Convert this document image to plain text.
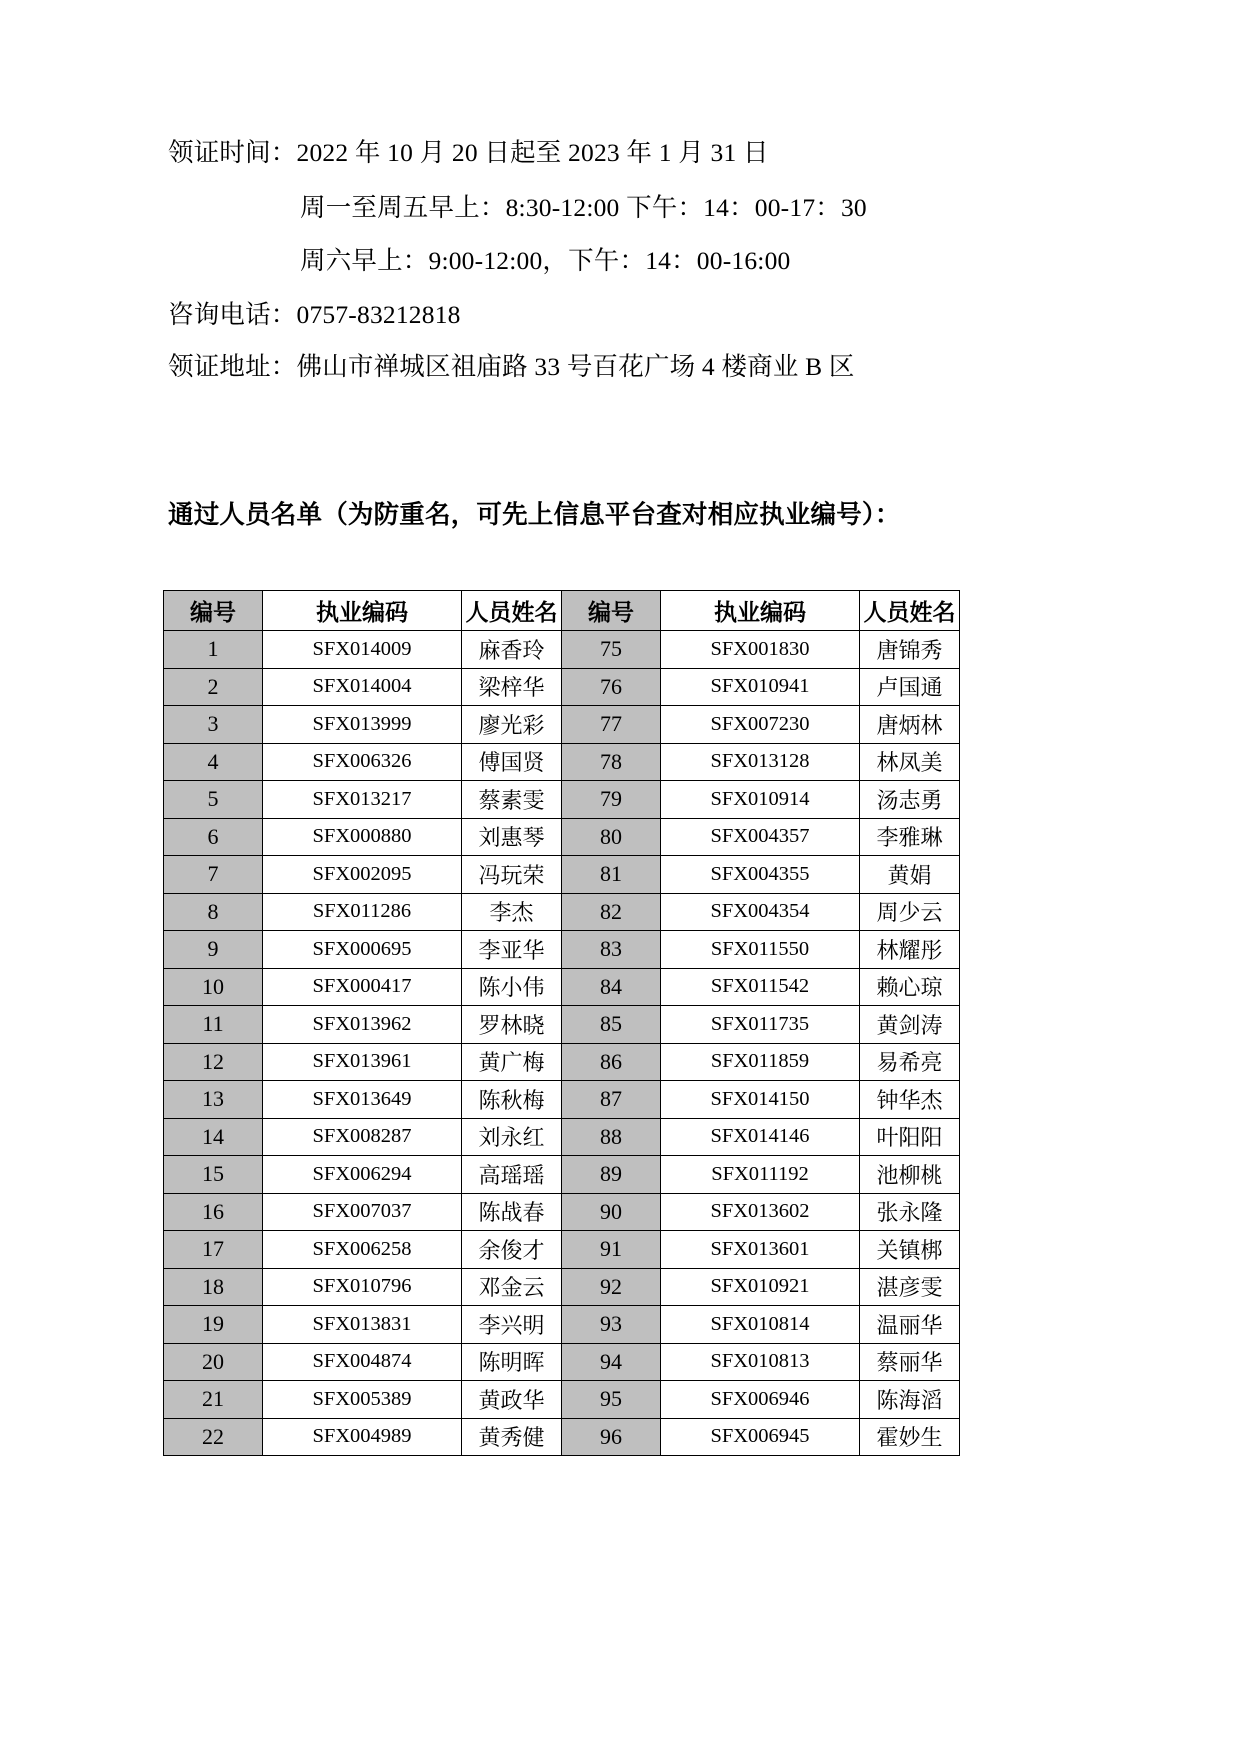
领证时间：2022 年 10 月 20 日起至 2023 年 1 月 31 日

周一至周五早上：8:30-12:00 下午：14：00-17：30

周六早上：9:00-12:00，下午：14：00-16:00

咨询电话：0757-83212818

领证地址：佛山市禅城区祖庙路 33 号百花广场 4 楼商业 B 区

通过人员名单（为防重名，可先上信息平台查对相应执业编号）：
编号	执业编码	人员姓名	编号	执业编码	人员姓名
1	SFX014009	麻香玲	75	SFX001830	唐锦秀
2	SFX014004	梁梓华	76	SFX010941	卢国通
3	SFX013999	廖光彩	77	SFX007230	唐炳林
4	SFX006326	傅国贤	78	SFX013128	林凤美
5	SFX013217	蔡素雯	79	SFX010914	汤志勇
6	SFX000880	刘惠琴	80	SFX004357	李雅琳
7	SFX002095	冯玩荣	81	SFX004355	黄娟
8	SFX011286	李杰	82	SFX004354	周少云
9	SFX000695	李亚华	83	SFX011550	林耀彤
10	SFX000417	陈小伟	84	SFX011542	赖心琼
11	SFX013962	罗林晓	85	SFX011735	黄剑涛
12	SFX013961	黄广梅	86	SFX011859	易希亮
13	SFX013649	陈秋梅	87	SFX014150	钟华杰
14	SFX008287	刘永红	88	SFX014146	叶阳阳
15	SFX006294	高瑶瑶	89	SFX011192	池柳桃
16	SFX007037	陈战春	90	SFX013602	张永隆
17	SFX006258	余俊才	91	SFX013601	关镇梆
18	SFX010796	邓金云	92	SFX010921	湛彦雯
19	SFX013831	李兴明	93	SFX010814	温丽华
20	SFX004874	陈明晖	94	SFX010813	蔡丽华
21	SFX005389	黄政华	95	SFX006946	陈海滔
22	SFX004989	黄秀健	96	SFX006945	霍妙生
